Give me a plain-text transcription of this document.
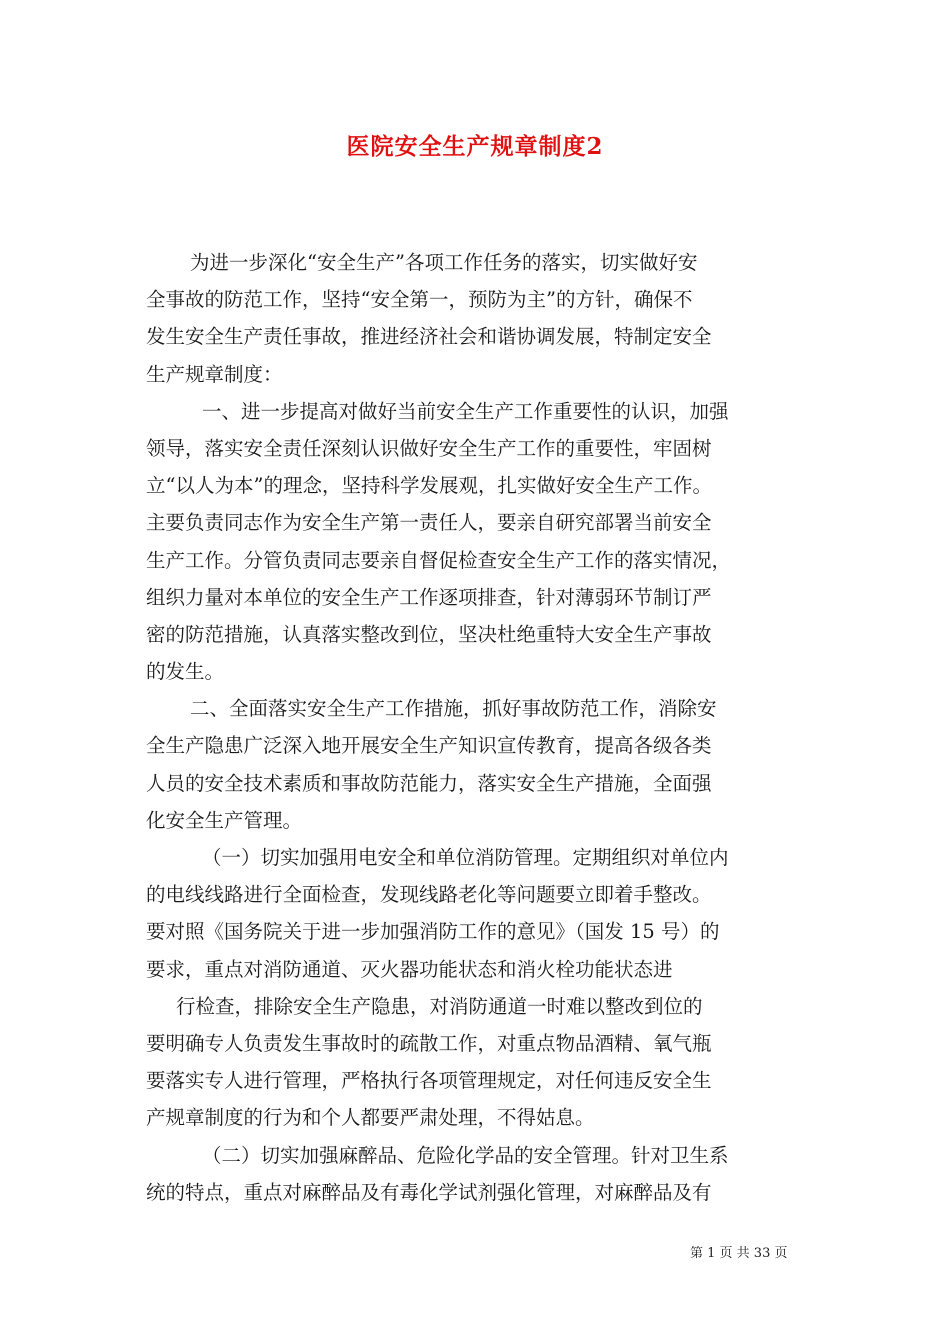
医院安全生产规章制度2
为进一步深化“安全生产”各项工作任务的落实，切实做好安
全事故的防范工作，坚持“安全第一，预防为主”的方针，确保不
发生安全生产责任事故，推进经济社会和谐协调发展，特制定安全
生产规章制度：
一、进一步提高对做好当前安全生产工作重要性的认识，加强
领导，落实安全责任深刻认识做好安全生产工作的重要性，牢固树
立“以人为本”的理念，坚持科学发展观，扎实做好安全生产工作。
主要负责同志作为安全生产第一责任人，要亲自研究部署当前安全
生产工作。分管负责同志要亲自督促检查安全生产工作的落实情况，
组织力量对本单位的安全生产工作逐项排查，针对薄弱环节制订严
密的防范措施，认真落实整改到位，坚决杜绝重特大安全生产事故
的发生。
二、全面落实安全生产工作措施，抓好事故防范工作，消除安
全生产隐患广泛深入地开展安全生产知识宣传教育，提高各级各类
人员的安全技术素质和事故防范能力，落实安全生产措施，全面强
化安全生产管理。
（一）切实加强用电安全和单位消防管理。定期组织对单位内
的电线线路进行全面检查，发现线路老化等问题要立即着手整改。
要对照《国务院关于进一步加强消防工作的意见》（国发 15 号）的
要求，重点对消防通道、灭火器功能状态和消火栓功能状态进
行检查，排除安全生产隐患，对消防通道一时难以整改到位的
要明确专人负责发生事故时的疏散工作，对重点物品酒精、氧气瓶
要落实专人进行管理，严格执行各项管理规定，对任何违反安全生
产规章制度的行为和个人都要严肃处理，不得姑息。
（二）切实加强麻醉品、危险化学品的安全管理。针对卫生系
统的特点，重点对麻醉品及有毒化学试剂强化管理，对麻醉品及有
第 1 页 共 33 页
